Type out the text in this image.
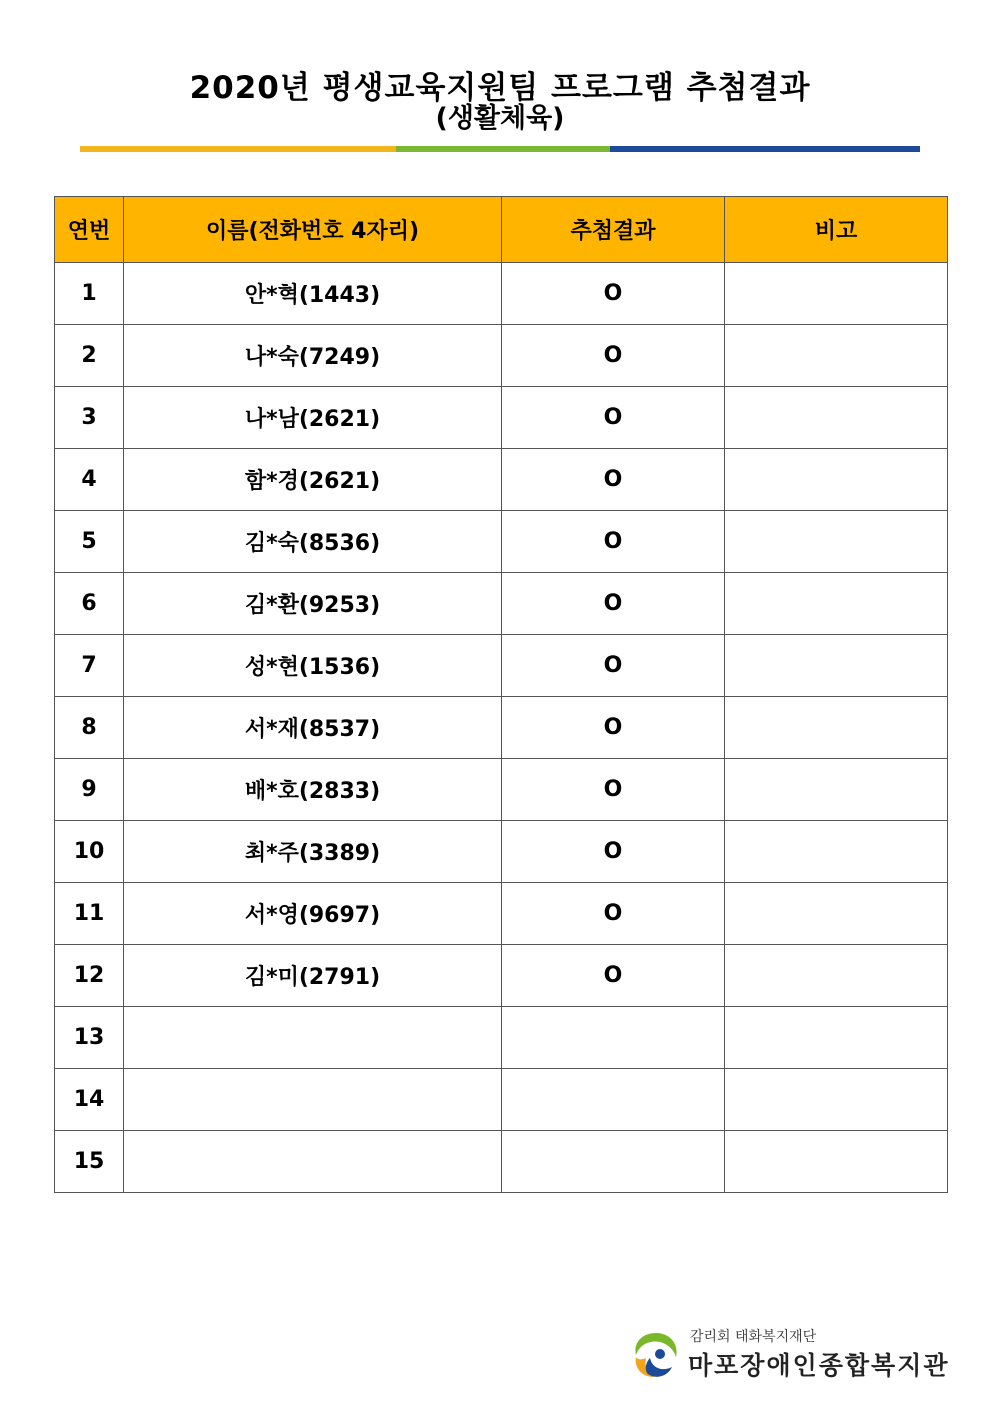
2020년 평생교육지원팀 프로그램 추첨결과
(생활체육)
연번	이름(전화번호 4자리)	추첨결과	비고
1	안*혁(1443)	O	
2	나*숙(7249)	O	
3	나*남(2621)	O	
4	함*경(2621)	O	
5	김*숙(8536)	O	
6	김*환(9253)	O	
7	성*현(1536)	O	
8	서*재(8537)	O	
9	배*호(2833)	O	
10	최*주(3389)	O	
11	서*영(9697)	O	
12	김*미(2791)	O	
13			
14			
15			
감리회 태화복지재단
마포장애인종합복지관
